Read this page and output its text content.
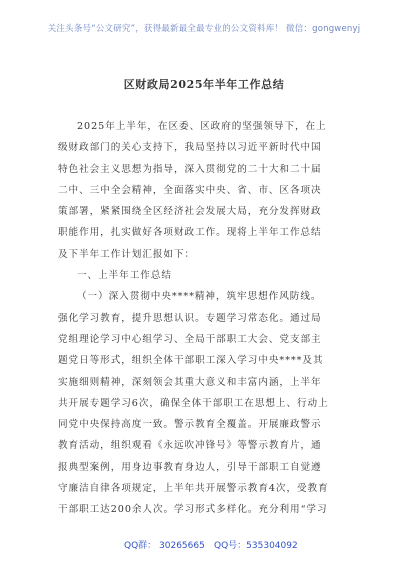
关注头条号“公文研究”，获得最新最全最专业的公文资料库！ 微信：gongwenyj
区财政局2025年半年工作总结
2025年上半年，在区委、区政府的坚强领导下，在上
级财政部门的关心支持下，我局坚持以习近平新时代中国
特色社会主义思想为指导，深入贯彻党的二十大和二十届
二中、三中全会精神，全面落实中央、省、市、区各项决
策部署，紧紧围绕全区经济社会发展大局，充分发挥财政
职能作用，扎实做好各项财政工作。现将上半年工作总结
及下半年工作计划汇报如下：
一、上半年工作总结
（一）深入贯彻中央****精神，筑牢思想作风防线。
强化学习教育，提升思想认识。专题学习常态化。通过局
党组理论学习中心组学习、全局干部职工大会、党支部主
题党日等形式，组织全体干部职工深入学习中央****及其
实施细则精神，深刻领会其重大意义和丰富内涵，上半年
共开展专题学习6次，确保全体干部职工在思想上、行动上
同党中央保持高度一致。警示教育全覆盖。开展廉政警示
教育活动，组织观看《永远吹冲锋号》等警示教育片，通
报典型案例，用身边事教育身边人，引导干部职工自觉遵
守廉洁自律各项规定，上半年共开展警示教育4次，受教育
干部职工达200余人次。学习形式多样化。充分利用“学习
QQ群： 30265665 QQ号：535304092
